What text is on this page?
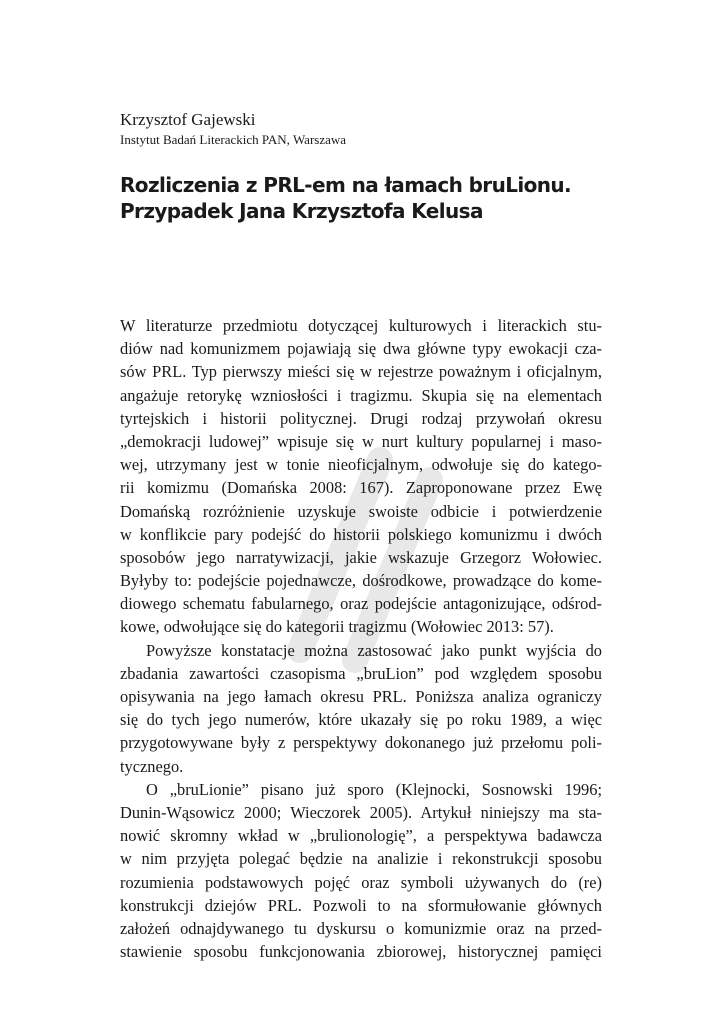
Krzysztof Gajewski
Instytut Badań Literackich PAN, Warszawa
Rozliczenia z PRL-em na łamach bruLionu.
Przypadek Jana Krzysztofa Kelusa

W literaturze przedmiotu dotyczącej kulturowych i literackich stu-
diów nad komunizmem pojawiają się dwa główne typy ewokacji cza-
sów PRL. Typ pierwszy mieści się w rejestrze poważnym i oficjalnym,
angażuje retorykę wzniosłości i tragizmu. Skupia się na elementach
tyrtejskich i historii politycznej. Drugi rodzaj przywołań okresu
„demokracji ludowej” wpisuje się w nurt kultury popularnej i maso-
wej, utrzymany jest w tonie nieoficjalnym, odwołuje się do katego-
rii komizmu (Domańska 2008: 167). Zaproponowane przez Ewę
Domańską rozróżnienie uzyskuje swoiste odbicie i potwierdzenie
w konflikcie pary podejść do historii polskiego komunizmu i dwóch
sposobów jego narratywizacji, jakie wskazuje Grzegorz Wołowiec.
Byłyby to: podejście pojednawcze, dośrodkowe, prowadzące do kome-
diowego schematu fabularnego, oraz podejście antagonizujące, odśrod-
kowe, odwołujące się do kategorii tragizmu (Wołowiec 2013: 57).

Powyższe konstatacje można zastosować jako punkt wyjścia do
zbadania zawartości czasopisma „bruLion” pod względem sposobu
opisywania na jego łamach okresu PRL. Poniższa analiza ograniczy
się do tych jego numerów, które ukazały się po roku 1989, a więc
przygotowywane były z perspektywy dokonanego już przełomu poli-
tycznego.

O „bruLionie” pisano już sporo (Klejnocki, Sosnowski 1996;
Dunin-Wąsowicz 2000; Wieczorek 2005). Artykuł niniejszy ma sta-
nowić skromny wkład w „brulionologię”, a perspektywa badawcza
w nim przyjęta polegać będzie na analizie i rekonstrukcji sposobu
rozumienia podstawowych pojęć oraz symboli używanych do (re)
konstrukcji dziejów PRL. Pozwoli to na sformułowanie głównych
założeń odnajdywanego tu dyskursu o komunizmie oraz na przed-
stawienie sposobu funkcjonowania zbiorowej, historycznej pamięci
